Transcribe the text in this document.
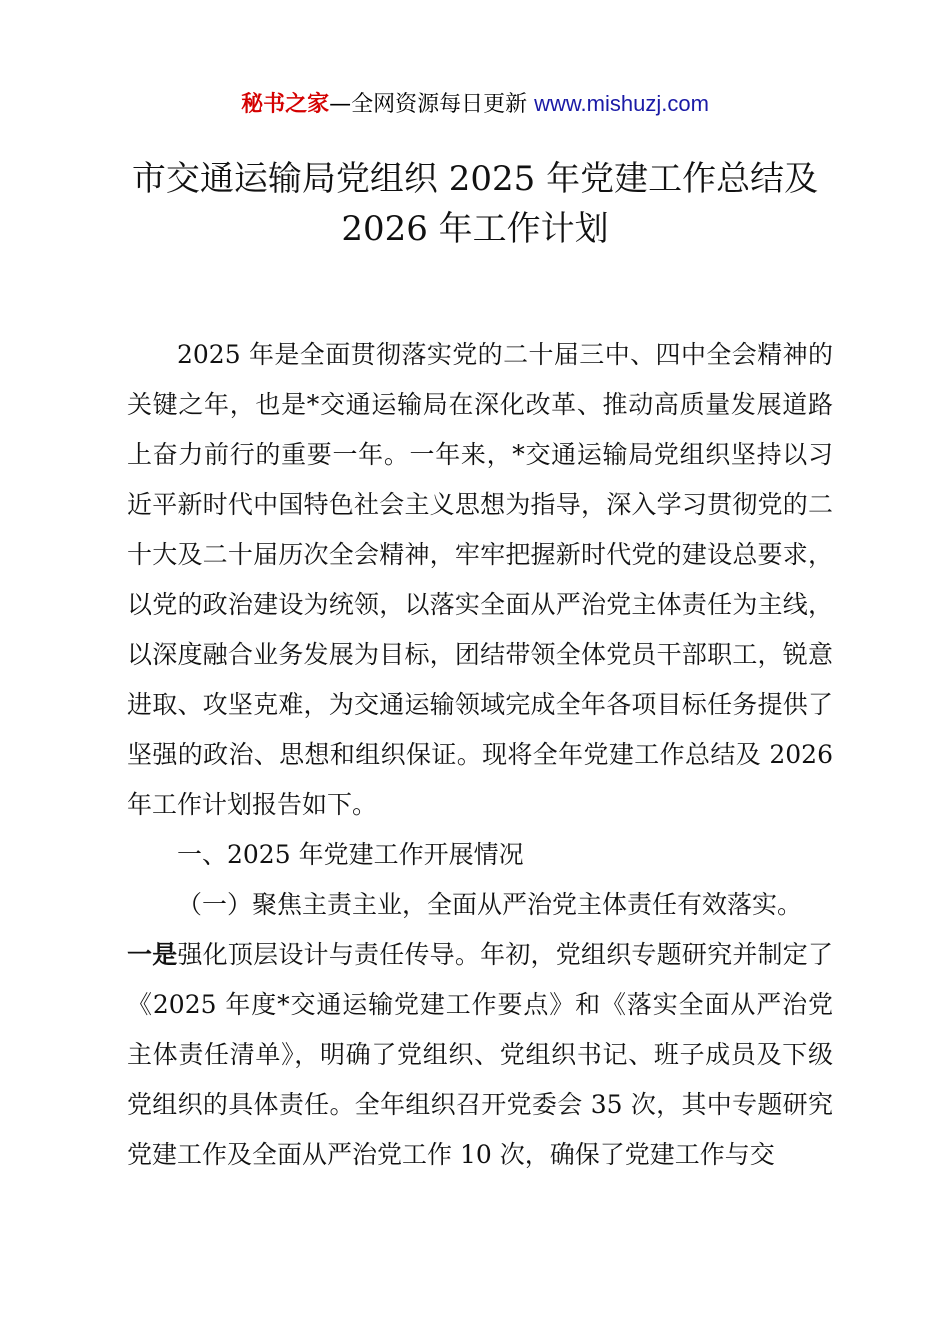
秘书之家—全网资源每日更新 www.mishuzj.com
市交通运输局党组织 2025 年党建工作总结及
2026 年工作计划

2025 年是全面贯彻落实党的二十届三中、四中全会精神的关键之年，也是*交通运输局在深化改革、推动高质量发展道路上奋力前行的重要一年。一年来，*交通运输局党组织坚持以习近平新时代中国特色社会主义思想为指导，深入学习贯彻党的二十大及二十届历次全会精神，牢牢把握新时代党的建设总要求，以党的政治建设为统领，以落实全面从严治党主体责任为主线，以深度融合业务发展为目标，团结带领全体党员干部职工，锐意进取、攻坚克难，为交通运输领域完成全年各项目标任务提供了坚强的政治、思想和组织保证。现将全年党建工作总结及 2026 年工作计划报告如下。

一、2025 年党建工作开展情况

（一）聚焦主责主业，全面从严治党主体责任有效落实。

一是强化顶层设计与责任传导。年初，党组织专题研究并制定了《2025 年度*交通运输党建工作要点》和《落实全面从严治党主体责任清单》，明确了党组织、党组织书记、班子成员及下级党组织的具体责任。全年组织召开党委会 35 次，其中专题研究党建工作及全面从严治党工作 10 次，确保了党建工作与交
